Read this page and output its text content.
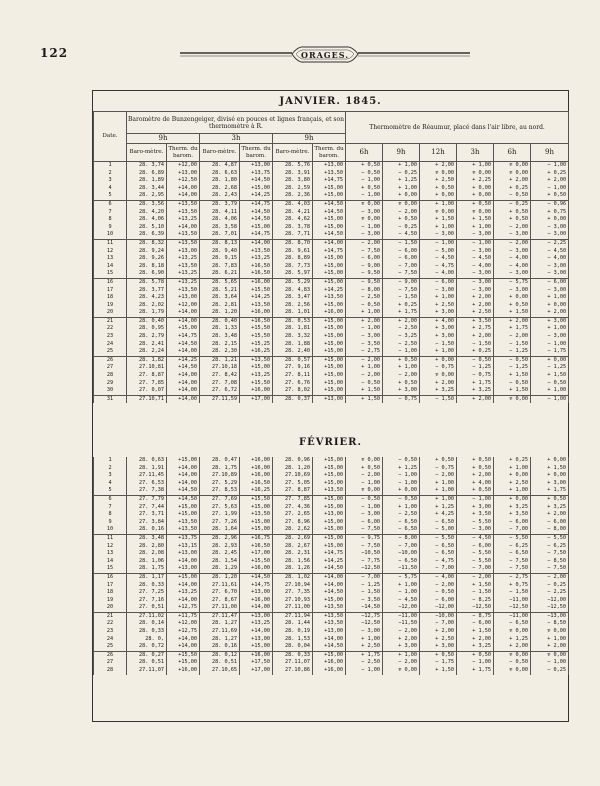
122	ORAGES.
JANVIER. 1845.
Date.	Baromètre de Bunzengeiger, divisé en pouces et lignes français, et son thermomètre à R.						Thermomètre de Réaumur, placé dans l'air libre, au nord.					
	9h		3h		9h							
	Baro-mètre.	Therm. du barom.	Baro-mètre.	Therm. du barom.	Baro-mètre.	Therm. du barom.	6h	9h	12h	3h	6h	9h
1	28. 3,74	+12,00	28. 4,87	+13,00	28. 5,76	+13,00	+ 0,50	+ 1,00	+ 2,00	+ 1,00	∓ 0,00	− 1,00
2	28. 6,89	+13,00	28. 6,63	+13,75	28. 3,91	+13,50	− 0,50	− 0,25	∓ 0,00	∓ 0,00	∓ 0,00	+ 0,25
3	28. 1,89	+12,50	28. 1,80	+14,50	28. 3,80	+14,75	− 1,00	+ 1,25	+ 2,50	+ 2,25	+ 2,00	+ 2,00
4	28. 3,44	+14,00	28. 2,68	+15,00	28. 2,59	+15,00	+ 0,50	+ 1,00	+ 0,50	+ 0,00	+ 0,25	− 1,00
5	28. 2,95	+14,00	28. 2,43	+14,25	28. 2,36	+15,00	− 1,00	+ 0,00	+ 0,00	+ 0,00	− 0,50	+ 0,50
6	28. 3,56	+13,50	28. 3,79	+14,75	28. 4,03	+14,50	∓ 0,00	∓ 0,00	+ 1,00	+ 0,50	− 0,25	− 0,96
7	28. 4,20	+13,50	28. 4,11	+14,50	28. 4,21	+14,50	− 3,00	− 2,00	∓ 0,00	∓ 0,00	+ 0,50	+ 0,75
8	28. 4,06	+13,25	28. 4,06	+14,50	28. 4,62	+15,00	∓ 0,00	+ 0,50	+ 1,50	+ 1,50	+ 0,50	+ 0,00
9	28. 5,10	+14,00	28. 3,58	+15,00	28. 3,78	+15,00	− 1,00	− 0,25	+ 1,00	+ 1,00	− 2,00	− 3,00
10	28. 6,39	+13,50	28. 7,01	+14,75	28. 7,71	+14,50	− 3,00	− 4,50	− 3,00	− 3,00	− 3,00	− 3,00
11	28. 8,32	+13,50	28. 8,13	+14,00	28. 8,70	+14,00	− 2,00	− 1,50	− 1,00	− 1,00	− 2,00	− 2,25
12	28. 9,24	+13,00	28. 9,40	+13,50	28. 9,61	+14,75	− 7,50	− 6,00	− 5,00	− 3,00	− 3,00	− 4,50
13	28. 9,26	+13,25	28. 9,15	+13,25	28. 8,89	+15,00	− 6,00	− 6,00	− 4,50	− 4,50	− 4,00	− 4,00
14	28. 8,18	+13,50	28. 7,83	+16,50	28. 7,73	+15,00	− 9,00	− 7,00	− 4,75	− 4,00	− 4,00	− 3,00
15	28. 6,90	+13,25	28. 6,21	+16,50	28. 5,97	+15,00	− 9,50	− 7,50	− 4,00	− 3,00	− 3,00	− 3,00
16	28. 5,78	+13,25	28. 5,65	+16,00	28. 5,29	+15,00	− 9,50	− 9,00	− 6,00	− 3,00	− 5,75	− 6,00
17	28. 3,77	+13,50	28. 5,21	+15,50	28. 4,83	+14,25	− 8,00	− 7,50	− 3,00	− 3,00	− 3,00	− 3,00
18	28. 4,23	+13,00	28. 3,64	+14,25	28. 3,47	+13,50	− 2,50	− 1,50	+ 1,00	+ 2,00	+ 0,00	+ 1,00
19	28. 2,02	+12,00	28. 2,81	+13,50	28. 2,56	+15,00	− 0,50	+ 0,25	+ 2,50	+ 2,00	+ 0,50	+ 0,00
20	28. 1,79	+14,00	28. 1,20	+16,00	28. 1,01	+16,00	+ 1,00	+ 1,75	+ 3,00	+ 2,50	+ 1,50	+ 2,00
21	28. 0,40	+14,00	28. 0,40	+16,50	28. 0,53	+15,00	+ 2,00	+ 2,00	+ 4,00	+ 3,50	+ 2,00	+ 3,00
22	28. 0,95	+15,00	28. 1,33	+15,50	28. 1,81	+15,00	− 1,00	− 2,50	+ 3,00	+ 2,75	+ 1,75	+ 1,00
23	28. 2,79	+14,75	28. 3,48	+15,50	28. 3,32	+15,00	− 3,00	− 3,25	+ 3,00	+ 2,00	− 2,00	− 3,00
24	28. 2,41	+14,50	28. 2,15	+15,25	28. 1,88	+15,00	− 3,50	− 2,50	− 1,50	− 1,50	− 1,50	− 1,00
25	28. 2,24	+14,00	28. 2,30	+16,25	28. 2,40	+15,00	− 2,75	− 1,00	+ 1,00	+ 0,25	− 1,25	− 1,75
26	28. 1,82	+14,25	28. 1,21	+13,50	28. 0,57	+15,00	− 2,00	+ 0,50	+ 0,00	− 0,50	− 0,50	+ 0,00
27	27.10,81	+14,50	27.10,18	+15,00	27. 9,16	+15,00	+ 1,00	+ 1,00	− 0,75	− 1,25	− 1,25	− 1,25
28	27. 8,87	+14,00	27. 8,42	+13,25	27. 8,11	+15,00	− 2,00	− 2,00	∓ 0,00	− 0,75	+ 1,50	+ 1,50
29	27. 7,85	+14,00	27. 7,08	+15,50	27. 6,76	+15,00	− 0,50	+ 0,50	+ 2,00	+ 1,75	− 0,50	− 0,50
30	27. 0,07	+14,00	27. 6,72	+16,00	27. 8,02	+15,00	+ 1,50	+ 3,00	+ 3,25	+ 3,25	+ 1,50	+ 1,00
31	27.10,71	+14,00	27.11,59	+17,00	28. 0,37	+13,00	+ 1,50	− 0,75	− 1,50	+ 2,00	∓ 0,00	− 1,00
FÉVRIER.
1	28. 0,63	+15,00	28. 0,47	+16,00	28. 0,96	+15,00	∓ 0,00	− 0,50	+ 0,50	+ 0,50	+ 0,25	+ 0,00
2	28. 1,91	+14,00	28. 1,75	+16,00	28. 1,20	+15,00	+ 0,50	+ 1,25	− 0,75	+ 0,50	+ 1,00	+ 1,50
3	27.11,45	+14,00	27.10,89	+16,00	27.10,69	+15,00	− 2,00	− 1,00	− 2,00	+ 2,00	+ 0,00	+ 0,00
4	27. 6,53	+14,00	27. 5,29	+16,50	27. 5,05	+15,00	− 1,00	− 1,00	+ 1,00	+ 4,00	+ 2,50	+ 3,00
5	27. 7,38	+14,50	27. 8,53	+16,25	27. 8,87	+13,50	∓ 0,00	+ 0,00	+ 1,00	+ 0,50	+ 1,00	+ 1,75
6	27. 7,79	+14,50	27. 7,69	+15,50	27. 7,85	+15,00	− 0,50	− 0,50	+ 1,00	− 1,00	+ 0,00	+ 0,50
7	27. 7,44	+15,00	27. 5,63	+15,00	27. 4,36	+15,00	− 1,00	+ 1,00	+ 1,25	+ 3,00	+ 3,25	+ 3,25
8	27. 3,71	+15,00	27. 1,99	+13,50	27. 2,65	+13,00	− 3,00	− 2,50	+ 4,25	+ 3,50	+ 3,50	+ 2,00
9	27. 3,84	+13,50	27. 7,26	+15,00	27. 8,96	+15,00	− 6,00	− 6,50	− 6,50	− 5,50	− 6,00	− 6,00
10	28. 0,16	+13,50	28. 1,64	+15,00	28. 2,62	+15,00	− 7,50	− 6,50	− 5,00	− 3,00	− 7,00	− 8,00
11	28. 3,48	+13,75	28. 2,96	+16,75	28. 2,69	+15,00	− 9,75	− 8,00	− 5,50	− 4,50	− 5,50	− 5,50
12	28. 2,80	+13,15	28. 2,93	+16,50	28. 2,67	+15,00	− 7,50	− 7,00	− 6,50	− 6,00	− 6,25	− 6,25
13	28. 2,08	+13,00	28. 2,45	+17,00	28. 2,31	+14,75	−10,50	−10,00	− 6,50	− 5,50	− 6,50	− 7,50
14	28. 1,06	+14,00	28. 1,54	+15,50	28. 1,56	+14,25	− 7,75	− 6,50	− 4,75	− 5,50	− 7,50	− 8,50
15	28. 1,75	+13,00	28. 1,29	+16,00	28. 1,26	+14,50	−12,50	−11,50	− 7,00	− 7,00	− 7,50	− 7,50
16	28. 1,17	+15,00	28. 1,20	+14,50	28. 1,02	+14,00	− 7,00	− 5,75	− 4,00	− 2,00	− 2,75	− 2,00
17	28. 0,33	+14,00	27.11,61	+14,75	27.10,94	+14,00	− 1,25	+ 1,00	− 2,00	+ 1,50	+ 0,75	− 0,25
18	27. 7,25	+13,25	27. 6,70	+13,00	27. 7,35	+14,50	− 1,50	− 1,00	− 0,50	− 1,50	− 1,50	− 2,25
19	27. 7,16	+14,00	27. 8,67	+16,00	27.10,93	+15,00	− 3,50	− 4,50	− 6,00	− 8,25	−11,00	−12,00
20	27. 0,51	+12,75	27.11,00	+14,00	27.11,00	+13,50	−14,50	−12,00	−12,00	−12,50	−12,50	−12,50
21	27.11,02	+11,75	27.11,47	+13,00	27.11,94	+13,50	−12,75	−11,00	−10,00	− 8,75	−11,00	−13,00
22	28. 0,14	+12,00	28. 1,27	+13,25	28. 1,44	+13,50	−12,50	−11,50	− 7,00	− 6,00	− 6,50	− 8,50
23	28. 0,33	+12,75	27.11,69	+14,00	28. 0,19	+13,00	− 3,00	− 2,00	+ 2,00	+ 1,50	∓ 0,00	∓ 0,00
24	28. 0,	+14,00	28. 1,27	+13,00	28. 1,53	+14,00	+ 1,00	+ 2,00	+ 2,50	+ 2,00	+ 1,25	+ 1,00
25	28. 0,72	+14,00	28. 0,16	+15,00	28. 0,04	+14,50	+ 2,50	+ 3,00	+ 3,00	+ 3,25	+ 2,00	+ 2,00
26	28. 0,27	+15,50	28. 0,12	+16,00	28. 0,33	+15,00	+ 1,75	+ 1,00	+ 0,50	+ 0,50	∓ 0,00	∓ 0,00
27	28. 0,51	+15,00	28. 0,51	+17,50	27.11,07	+16,00	− 2,50	− 2,00	− 1,75	− 1,00	− 0,50	− 1,00
28	27.11,07	+16,00	27.10,65	+17,00	27.10,86	+16,00	− 1,00	∓ 0,00	+ 1,50	+ 1,75	∓ 0,00	− 0,25
